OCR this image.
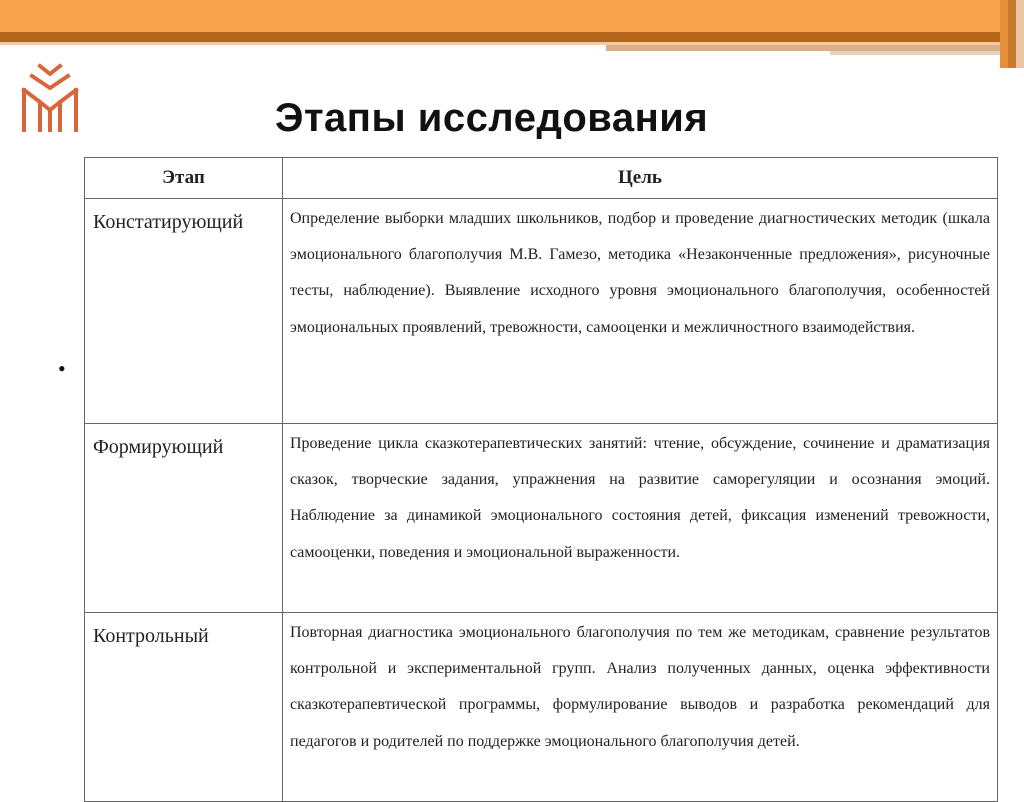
Этапы исследования
•
Этап	Цель
Констатирующий	Определение выборки младших школьников, подбор и проведение диагностических методик (шкала эмоционального благополучия М.В. Гамезо, методика «Незаконченные предложения», рисуночные тесты, наблюдение). Выявление исходного уровня эмоционального благополучия, особенностей эмоциональных проявлений, тревожности, самооценки и межличностного взаимодействия.
Формирующий	Проведение цикла сказкотерапевтических занятий: чтение, обсуждение, сочинение и драматизация сказок, творческие задания, упражнения на развитие саморегуляции и осознания эмоций. Наблюдение за динамикой эмоционального состояния детей, фиксация изменений тревожности, самооценки, поведения и эмоциональной выраженности.
Контрольный	Повторная диагностика эмоционального благополучия по тем же методикам, сравнение результатов контрольной и экспериментальной групп. Анализ полученных данных, оценка эффективности сказкотерапевтической программы, формулирование выводов и разработка рекомендаций для педагогов и родителей по поддержке эмоционального благополучия детей.
